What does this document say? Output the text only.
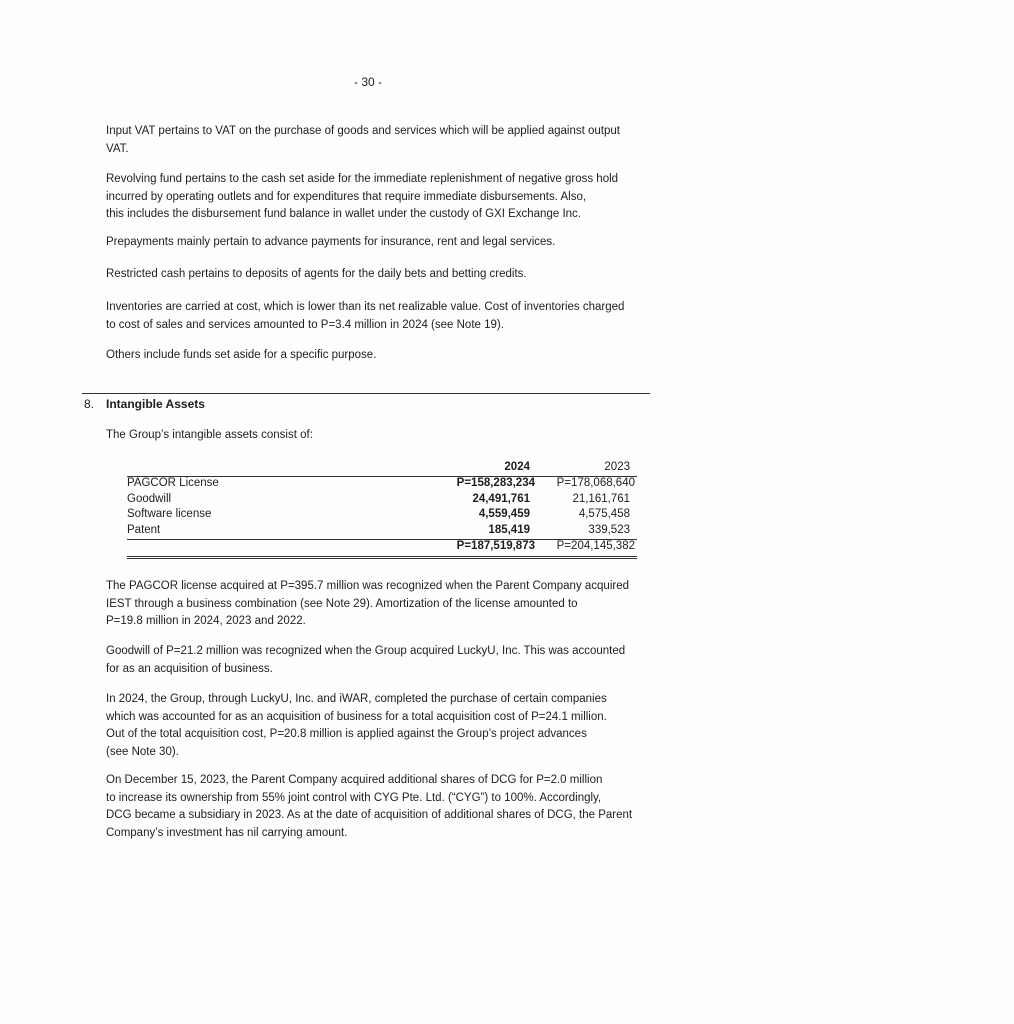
- 30 -

Input VAT pertains to VAT on the purchase of goods and services which will be applied against output
VAT.

Revolving fund pertains to the cash set aside for the immediate replenishment of negative gross hold
incurred by operating outlets and for expenditures that require immediate disbursements. Also,
this includes the disbursement fund balance in wallet under the custody of GXI Exchange Inc.

Prepayments mainly pertain to advance payments for insurance, rent and legal services.

Restricted cash pertains to deposits of agents for the daily bets and betting credits.

Inventories are carried at cost, which is lower than its net realizable value. Cost of inventories charged
to cost of sales and services amounted to P=3.4 million in 2024 (see Note 19).

Others include funds set aside for a specific purpose.

8. Intangible Assets
The Group’s intangible assets consist of:
2024	2023
PAGCOR License	P=158,283,234 P=178,068,640
Goodwill	24,491,761	21,161,761
Software license	4,559,459	4,575,458
Patent	185,419	339,523
P=187,519,873 P=204,145,382

The PAGCOR license acquired at P=395.7 million was recognized when the Parent Company acquired
IEST through a business combination (see Note 29). Amortization of the license amounted to
P=19.8 million in 2024, 2023 and 2022.

Goodwill of P=21.2 million was recognized when the Group acquired LuckyU, Inc. This was accounted
for as an acquisition of business.

In 2024, the Group, through LuckyU, Inc. and iWAR, completed the purchase of certain companies
which was accounted for as an acquisition of business for a total acquisition cost of P=24.1 million.
Out of the total acquisition cost, P=20.8 million is applied against the Group’s project advances
(see Note 30).

On December 15, 2023, the Parent Company acquired additional shares of DCG for P=2.0 million
to increase its ownership from 55% joint control with CYG Pte. Ltd. (“CYG”) to 100%. Accordingly,
DCG became a subsidiary in 2023. As at the date of acquisition of additional shares of DCG, the Parent
Company’s investment has nil carrying amount.
